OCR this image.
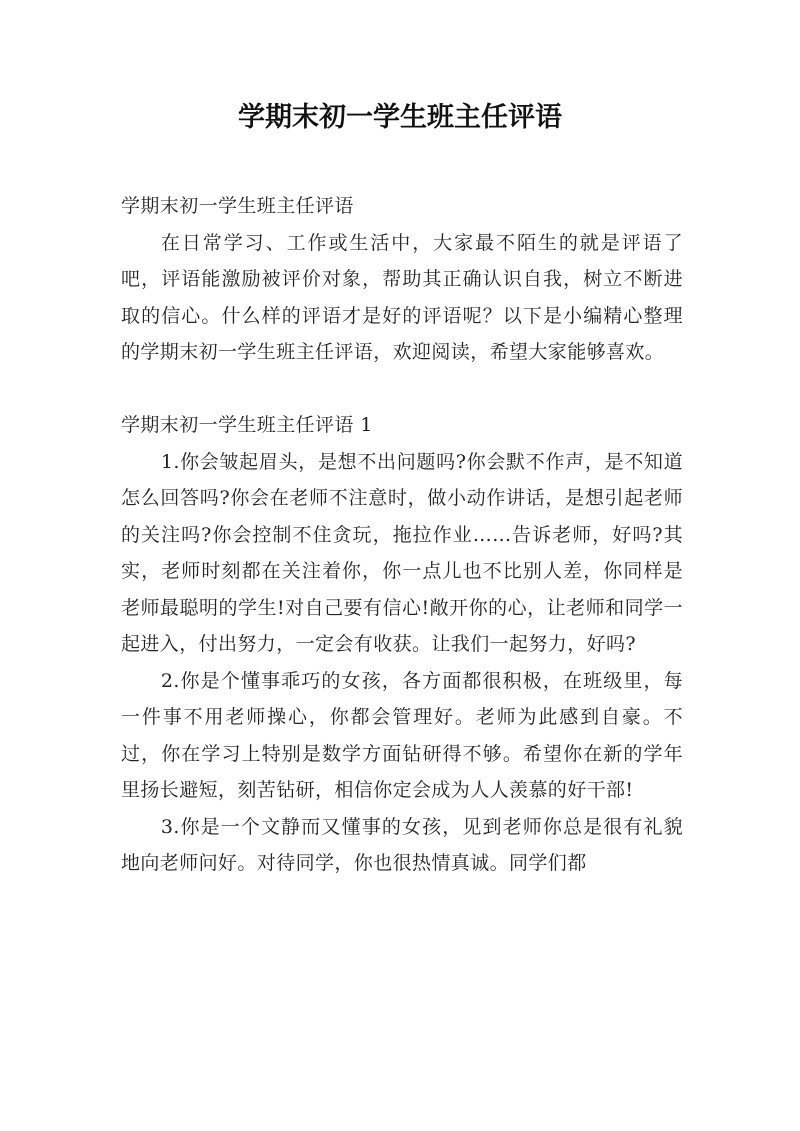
学期末初一学生班主任评语

学期末初一学生班主任评语

在日常学习、工作或生活中，大家最不陌生的就是评语了吧，评语能激励被评价对象，帮助其正确认识自我，树立不断进取的信心。什么样的评语才是好的评语呢？以下是小编精心整理的学期末初一学生班主任评语，欢迎阅读，希望大家能够喜欢。

学期末初一学生班主任评语 1

1.你会皱起眉头，是想不出问题吗?你会默不作声，是不知道怎么回答吗?你会在老师不注意时，做小动作讲话，是想引起老师的关注吗?你会控制不住贪玩，拖拉作业……告诉老师，好吗?其实，老师时刻都在关注着你，你一点儿也不比别人差，你同样是老师最聪明的学生!对自己要有信心!敞开你的心，让老师和同学一起进入，付出努力，一定会有收获。让我们一起努力，好吗?

2.你是个懂事乖巧的女孩，各方面都很积极，在班级里，每一件事不用老师操心，你都会管理好。老师为此感到自豪。不过，你在学习上特别是数学方面钻研得不够。希望你在新的学年里扬长避短，刻苦钻研，相信你定会成为人人羡慕的好干部!

3.你是一个文静而又懂事的女孩，见到老师你总是很有礼貌地向老师问好。对待同学，你也很热情真诚。同学们都
